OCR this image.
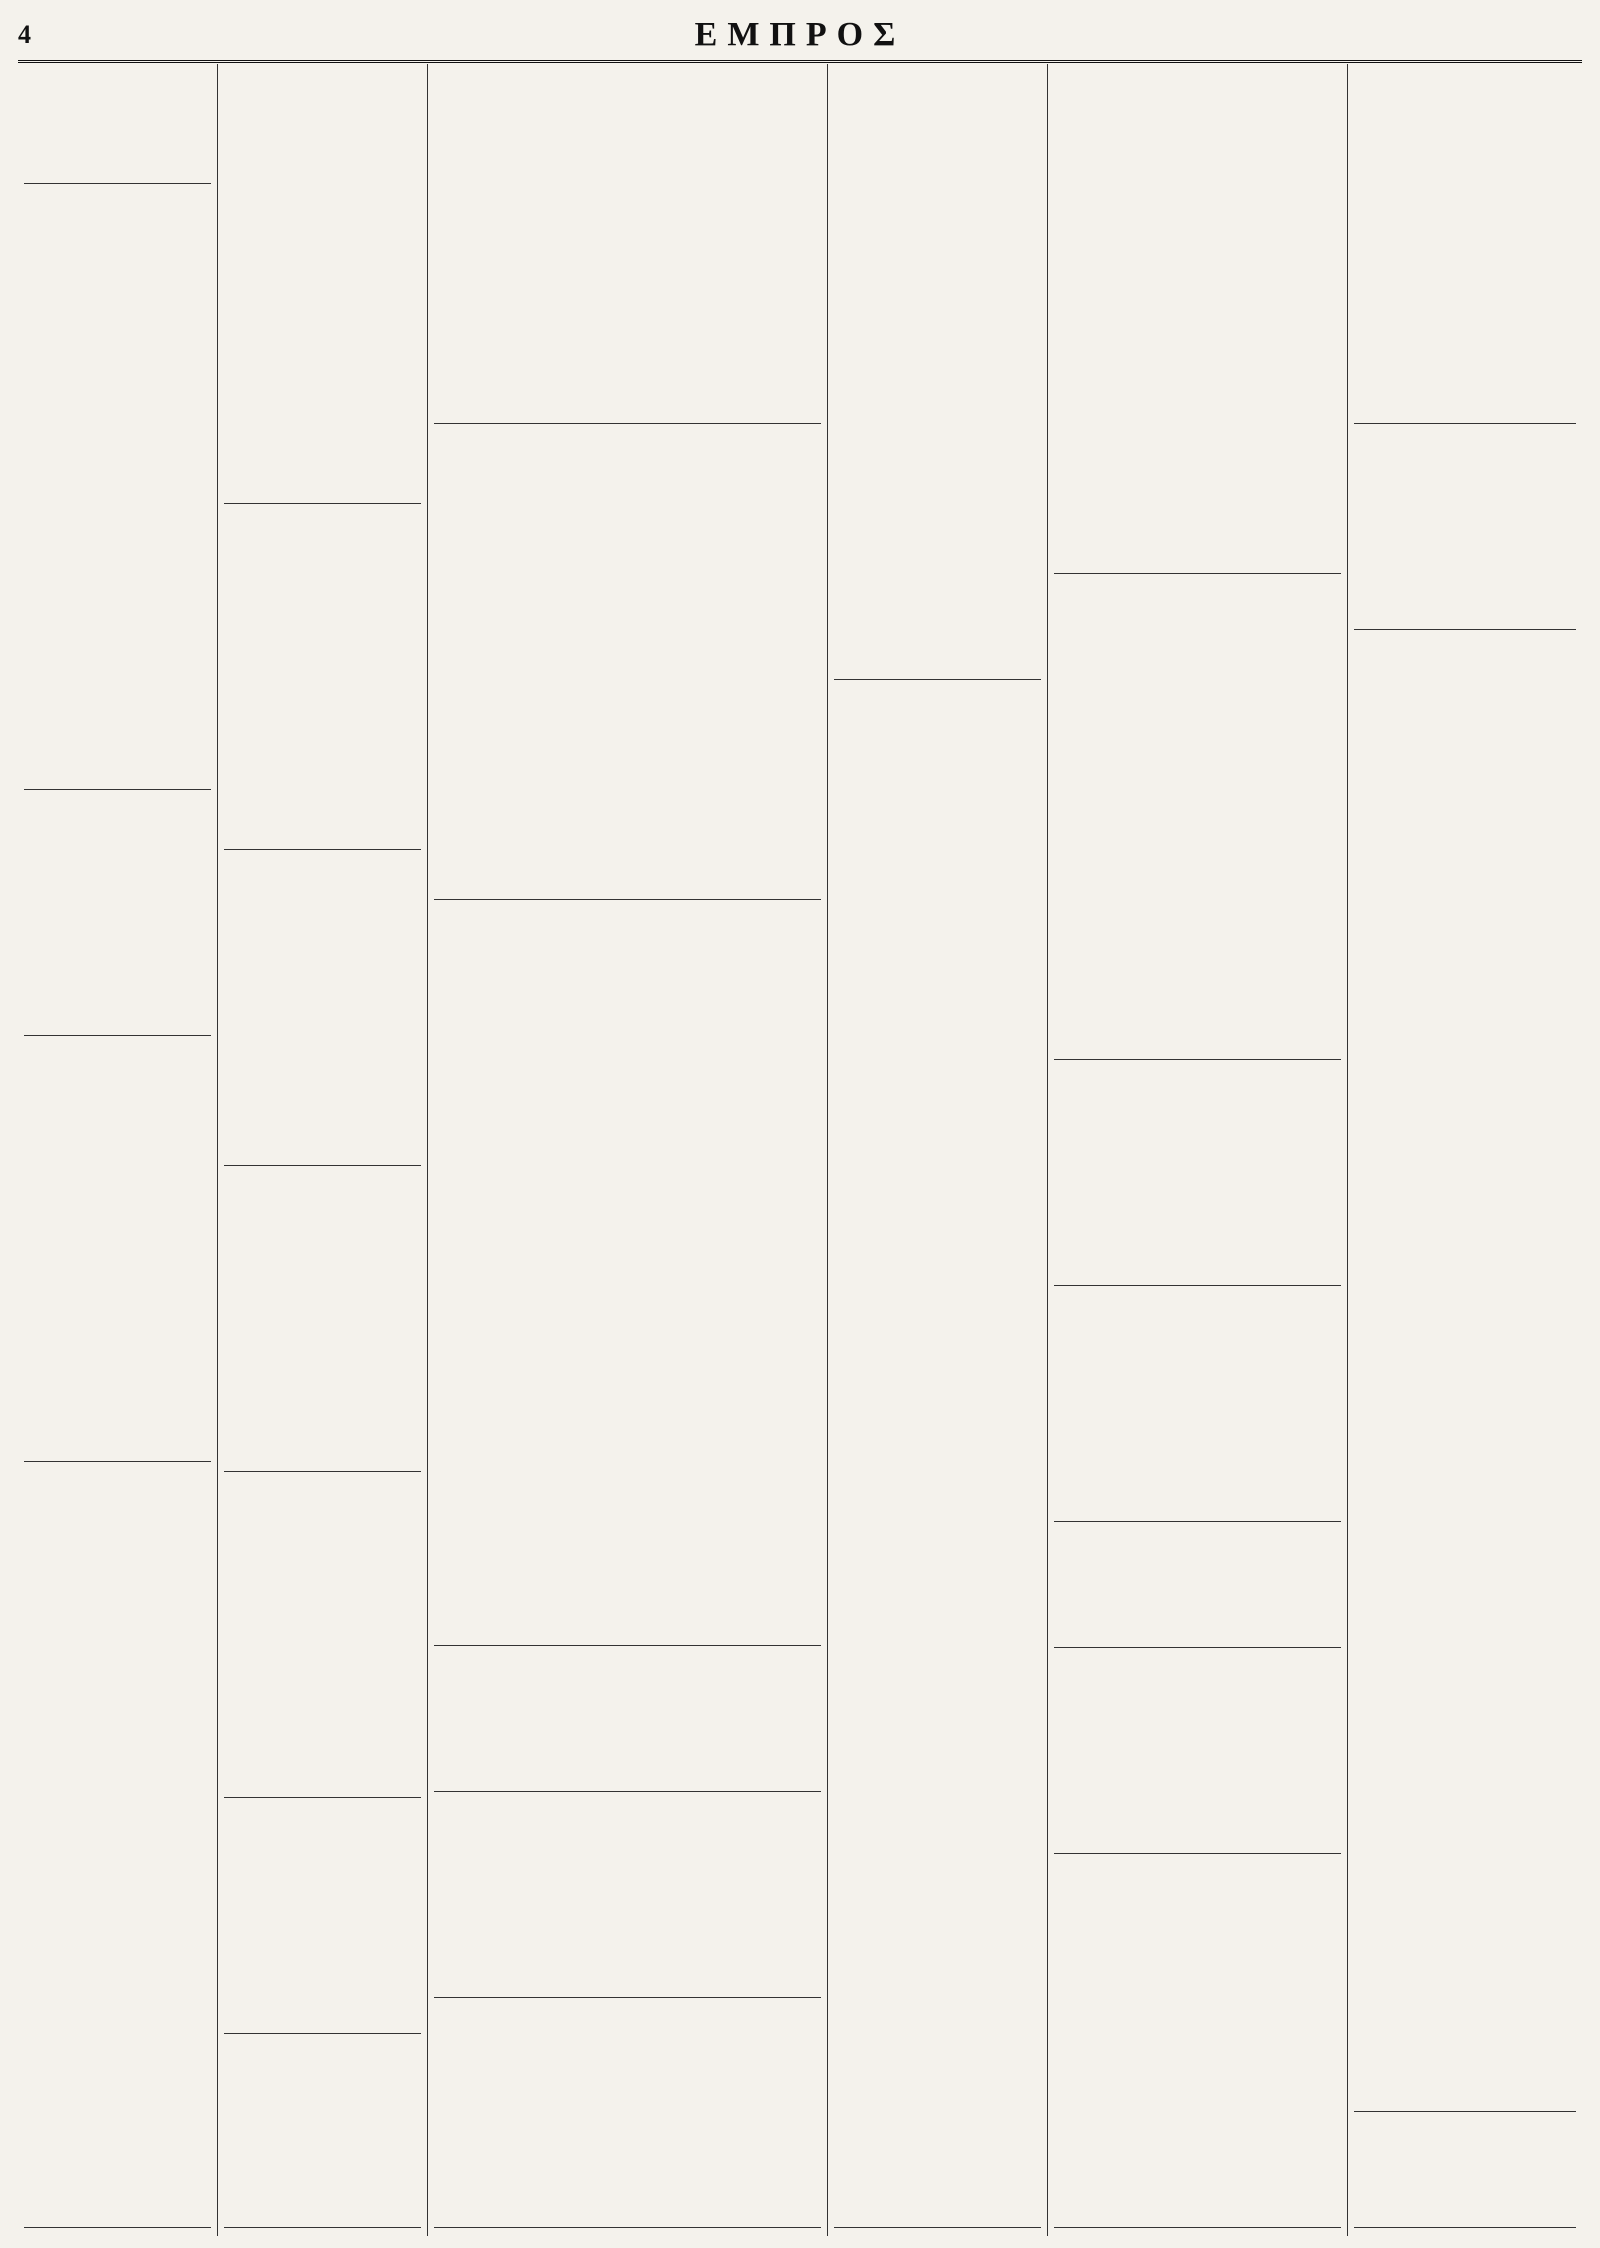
4	ΕΜΠΡΟΣ
